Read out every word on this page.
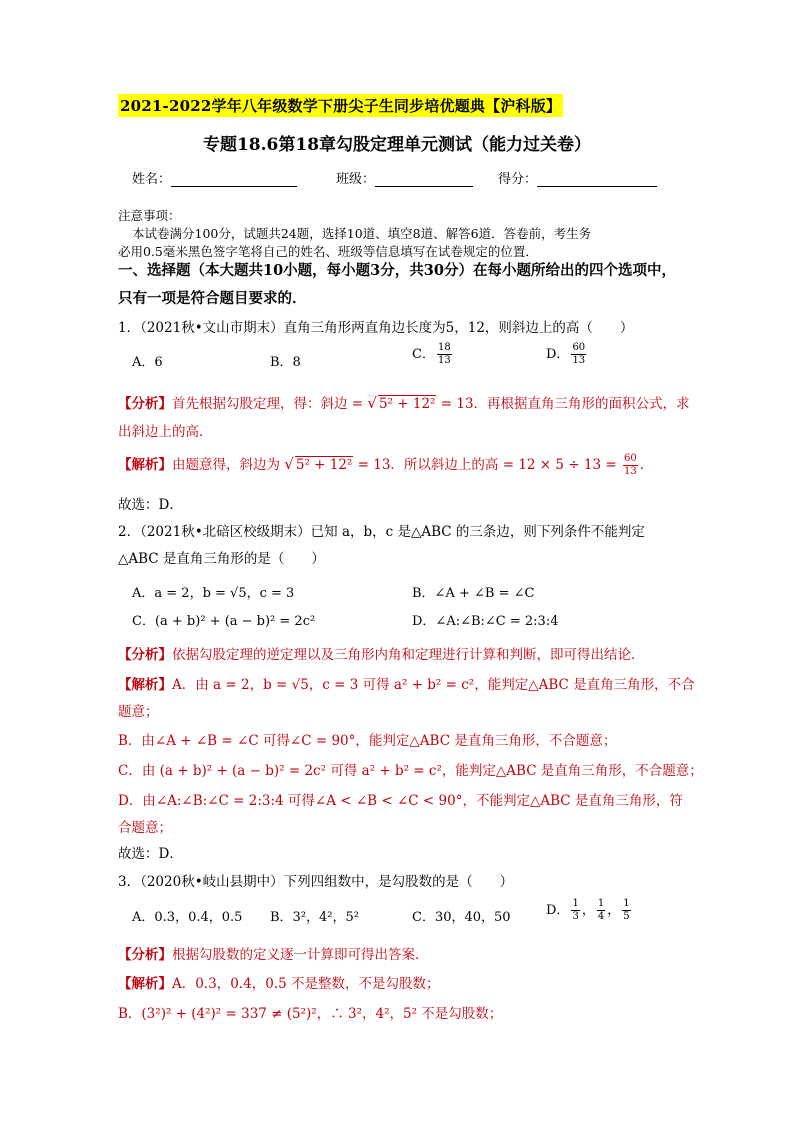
2021-2022学年八年级数学下册尖子生同步培优题典【沪科版】
专题18.6第18章勾股定理单元测试（能力过关卷）
姓名：	班级：	得分：
注意事项：
本试卷满分100分，试题共24题，选择10道、填空8道、解答6道．答卷前，考生务
必用0.5毫米黑色签字笔将自己的姓名、班级等信息填写在试卷规定的位置．
一、选择题（本大题共10小题，每小题3分，共30分）在每小题所给出的四个选项中，
只有一项是符合题目要求的．
1．（2021秋•文山市期末）直角三角形两直角边长度为5，12，则斜边上的高（　　）
A．6	B．8
C． $\frac{18}{13}$	D． $\frac{60}{13}$
【分析】首先根据勾股定理，得：斜边 = √ 5² + 12² = 13．再根据直角三角形的面积公式，求
出斜边上的高．
【解析】由题意得，斜边为 √ 5² + 12² = 13．所以斜边上的高 = $12 \times 5 \div 13 = \frac{60}{13}$ ．
故选：D．
2．（2021秋•北碚区校级期末）已知 a，b，c 是△ABC 的三条边，则下列条件不能判定
△ABC 是直角三角形的是（　　）
A．a = 2，b = √5，c = 3	B．∠A + ∠B = ∠C
C．(a + b)² + (a − b)² = 2c²	D．∠A:∠B:∠C = 2:3:4
【分析】依据勾股定理的逆定理以及三角形内角和定理进行计算和判断，即可得出结论．
【解析】A．由 a = 2，b = √5，c = 3 可得 a² + b² = c²，能判定△ABC 是直角三角形，不合
题意；
B．由∠A + ∠B = ∠C 可得∠C = 90°，能判定△ABC 是直角三角形，不合题意；
C．由 (a + b)² + (a − b)² = 2c² 可得 a² + b² = c²，能判定△ABC 是直角三角形，不合题意；
D．由∠A:∠B:∠C = 2:3:4 可得∠A < ∠B < ∠C < 90°，不能判定△ABC 是直角三角形，符
合题意；
故选：D．
3．（2020秋•岐山县期中）下列四组数中，是勾股数的是（　　）
A．0.3，0.4，0.5 B．3²，4²，5²	C．30，40，50	D． $\frac{1}{3}$ ， $\frac{1}{4}$ ， $\frac{1}{5}$
【分析】根据勾股数的定义逐一计算即可得出答案．
【解析】A．0.3，0.4，0.5 不是整数，不是勾股数；
B．(3²)² + (4²)² = 337 ≠ (5²)²，∴ 3²，4²，5² 不是勾股数；
